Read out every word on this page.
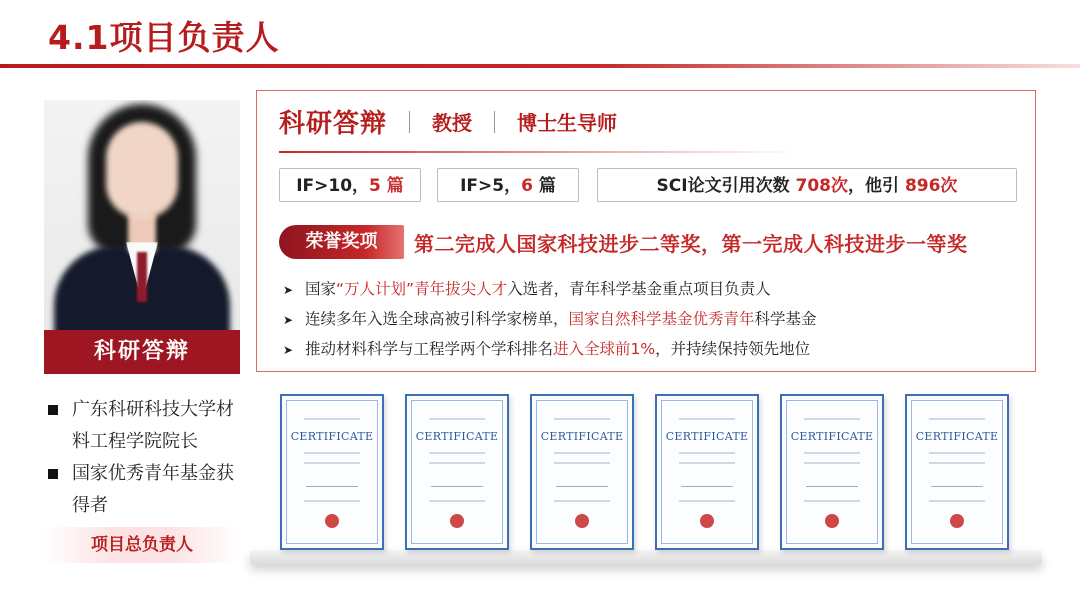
4.1项目负责人
科研答辩
广东科研科技大学材料工程学院院长
国家优秀青年基金获得者
项目总负责人
科研答辩 教授 博士生导师
IF>10，5 篇	IF>5，6 篇	SCI论文引用次数 708次，他引 896次
荣誉奖项	第二完成人国家科技进步二等奖，第一完成人科技进步一等奖
➤ 国家“万人计划”青年拔尖人才入选者，青年科学基金重点项目负责人
➤ 连续多年入选全球高被引科学家榜单，国家自然科学基金优秀青年科学基金
➤ 推动材料科学与工程学两个学科排名进入全球前1%，并持续保持领先地位
CERTIFICATE	CERTIFICATE	CERTIFICATE	CERTIFICATE	CERTIFICATE	CERTIFICATE
